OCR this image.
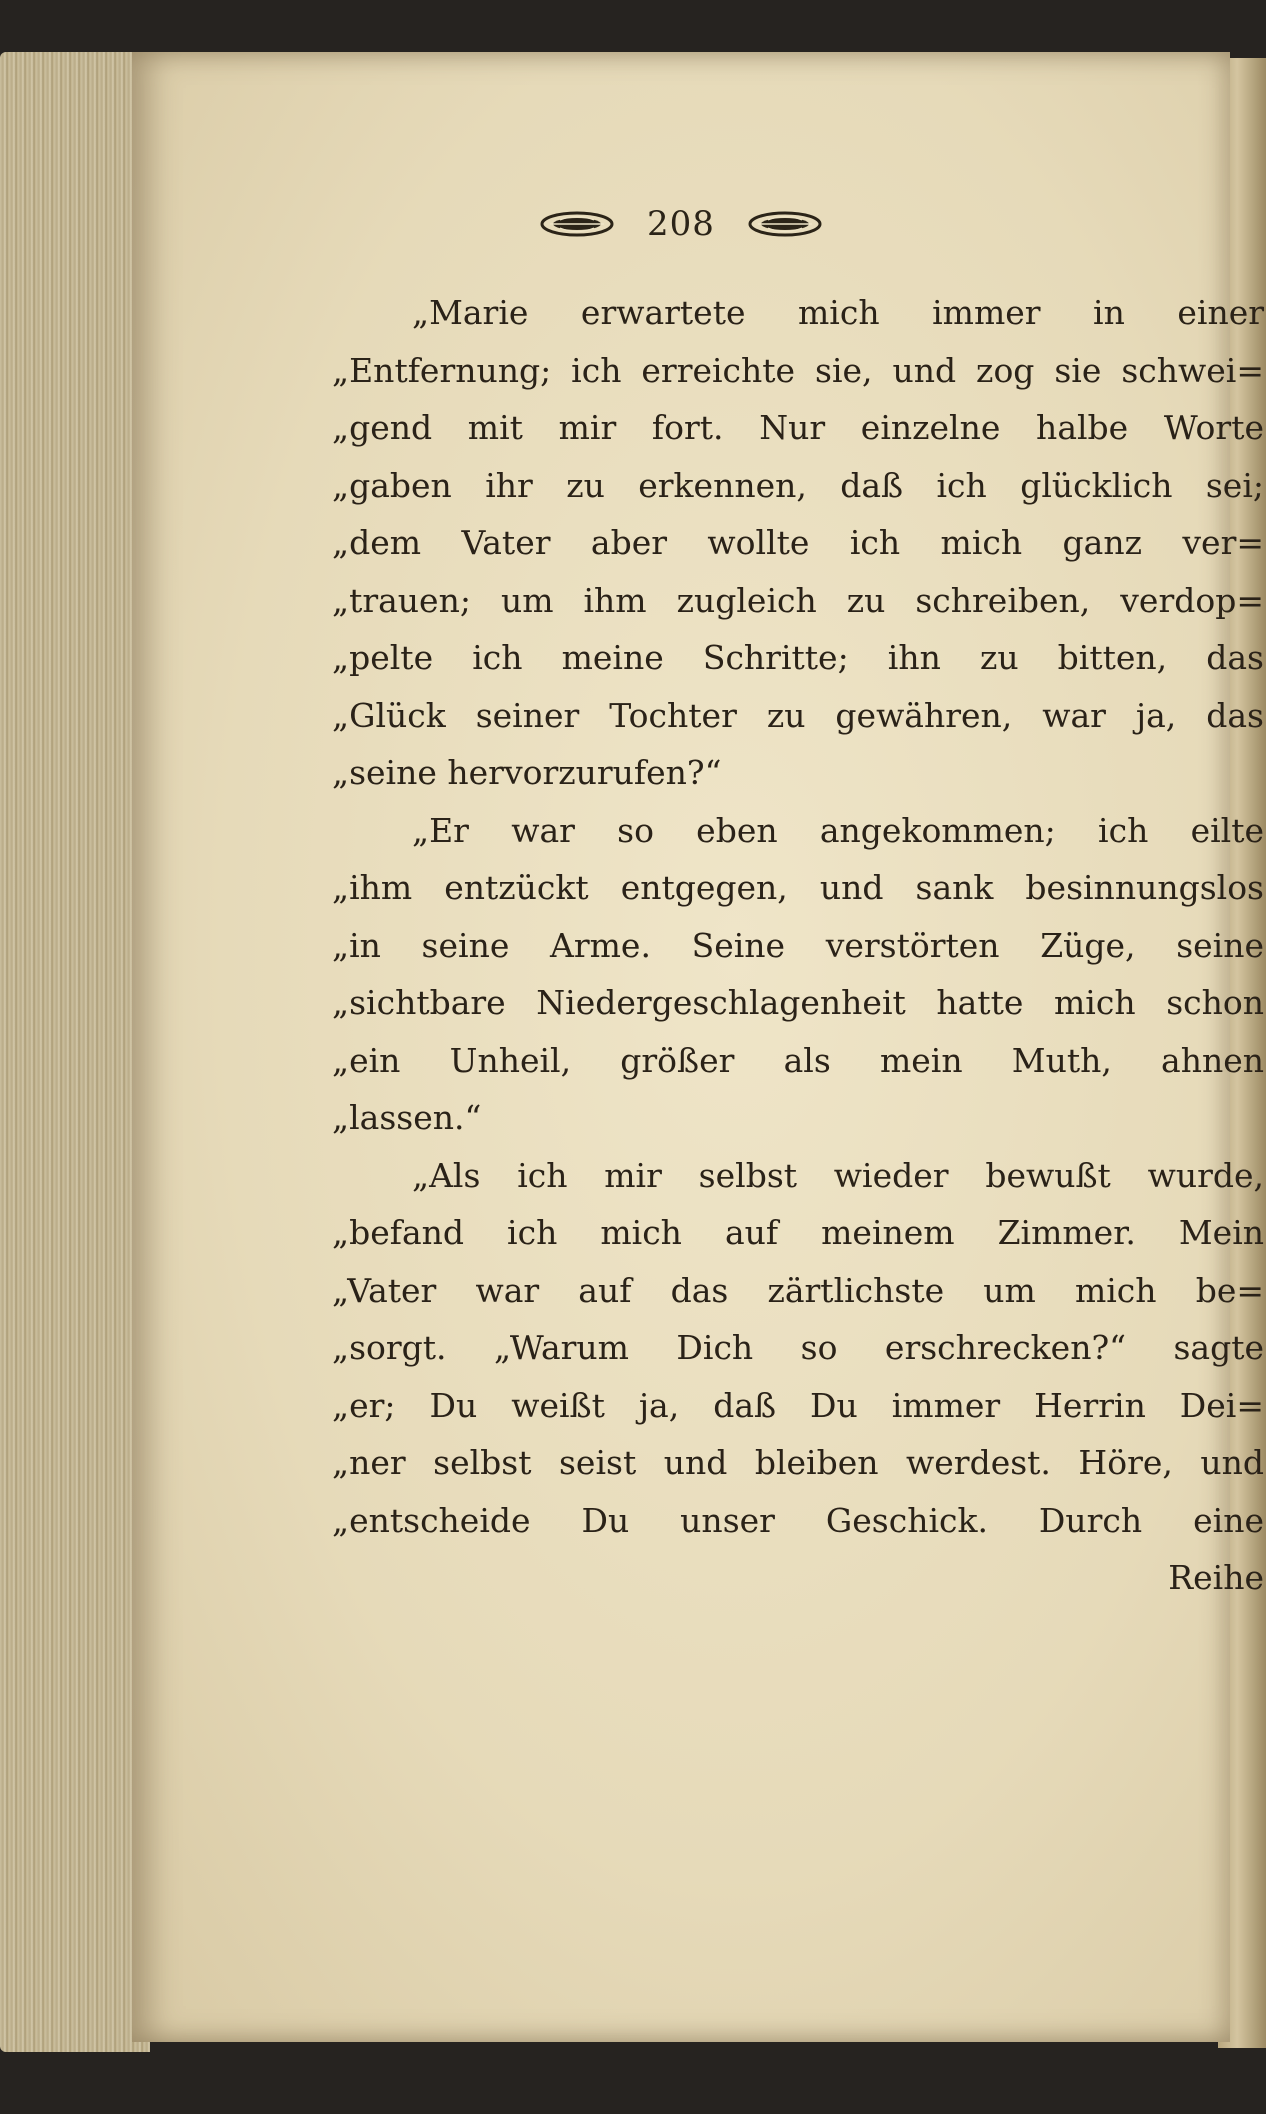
208
„Marie erwartete mich immer in einer
„Entfernung; ich erreichte sie, und zog sie schwei=
„gend mit mir fort. Nur einzelne halbe Worte
„gaben ihr zu erkennen, daß ich glücklich sei;
„dem Vater aber wollte ich mich ganz ver=
„trauen; um ihm zugleich zu schreiben, verdop=
„pelte ich meine Schritte; ihn zu bitten, das
„Glück seiner Tochter zu gewähren, war ja, das
„seine hervorzurufen?“
„Er war so eben angekommen; ich eilte
„ihm entzückt entgegen, und sank besinnungslos
„in seine Arme. Seine verstörten Züge, seine
„sichtbare Niedergeschlagenheit hatte mich schon
„ein Unheil, größer als mein Muth, ahnen
„lassen.“
„Als ich mir selbst wieder bewußt wurde,
„befand ich mich auf meinem Zimmer. Mein
„Vater war auf das zärtlichste um mich be=
„sorgt. „Warum Dich so erschrecken?“ sagte
„er; Du weißt ja, daß Du immer Herrin Dei=
„ner selbst seist und bleiben werdest. Höre, und
„entscheide Du unser Geschick. Durch eine
Reihe
